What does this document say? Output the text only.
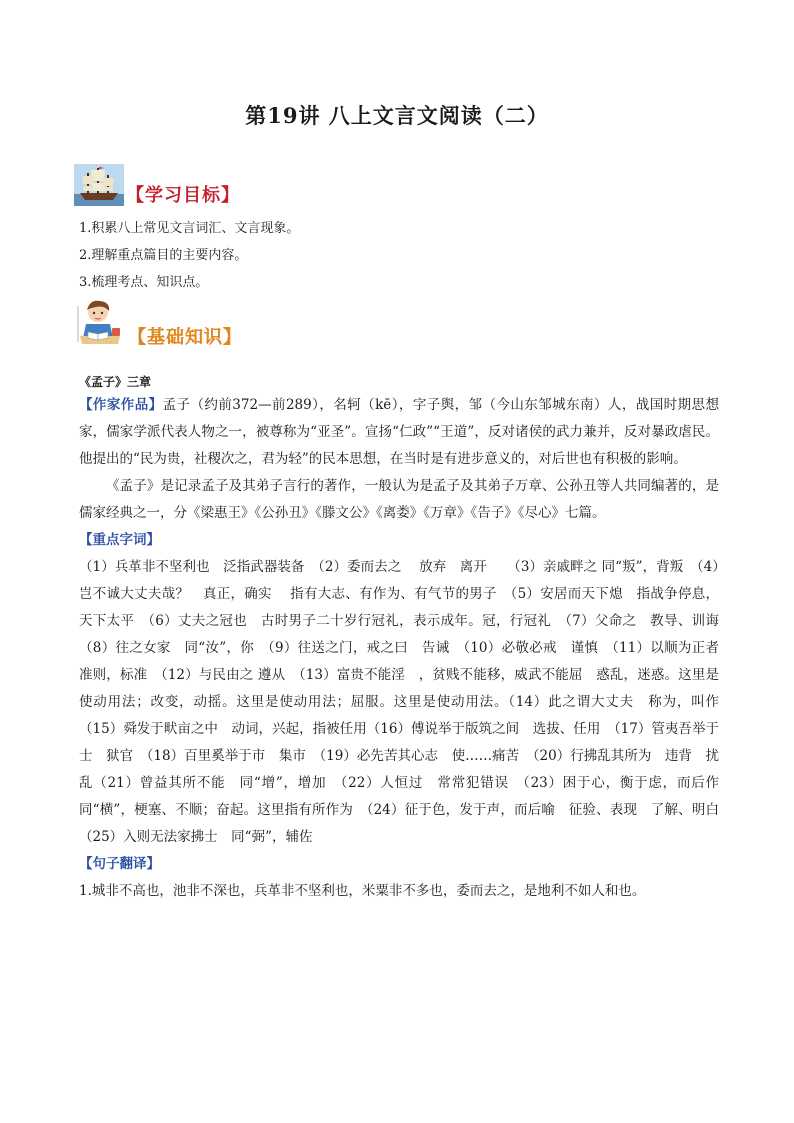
第19讲 八上文言文阅读（二）
【学习目标】
1.积累八上常见文言词汇、文言现象。
2.理解重点篇目的主要内容。
3.梳理考点、知识点。
【基础知识】
《孟子》三章

【作家作品】孟子（约前372—前289），名轲（kē），字子舆，邹（今山东邹城东南）人，战国时期思想家，儒家学派代表人物之一，被尊称为“亚圣”。宣扬“仁政”“王道”，反对诸侯的武力兼并，反对暴政虐民。他提出的“民为贵，社稷次之，君为轻”的民本思想，在当时是有进步意义的，对后世也有积极的影响。

《孟子》是记录孟子及其弟子言行的著作，一般认为是孟子及其弟子万章、公孙丑等人共同编著的，是儒家经典之一，分《梁惠王》《公孙丑》《滕文公》《离娄》《万章》《告子》《尽心》七篇。

【重点字词】

（1）兵革非不坚利也　泛指武器装备　（2）委而去之　 放弃　离开　　（3）亲戚畔之 同“叛”，背叛　（4）岂不诚大丈夫哉？　真正，确实　 指有大志、有作为、有气节的男子　（5）安居而天下熄　指战争停息，天下太平　（6）丈夫之冠也　古时男子二十岁行冠礼，表示成年。冠，行冠礼　（7）父命之　教导、训诲　（8）往之女家　同“汝”，你　（9）往送之门，戒之曰　告诫　（10）必敬必戒　谨慎　（11）以顺为正者　准则，标准　（12）与民由之 遵从　（13）富贵不能淫　，贫贱不能移，威武不能屈　惑乱，迷惑。这里是使动用法；改变，动摇。这里是使动用法；屈服。这里是使动用法。（14）此之谓大丈夫　称为，叫作　（15）舜发于畎亩之中　动词，兴起，指被任用（16）傅说举于版筑之间　选拔、任用　（17）管夷吾举于士　狱官　（18）百里奚举于市　集市　（19）必先苦其心志　使……痛苦　（20）行拂乱其所为　违背　扰乱（21）曾益其所不能　同“增”，增加　（22）人恒过　常常犯错误　（23）困于心，衡于虑，而后作　同“横”，梗塞、不顺；奋起。这里指有所作为　（24）征于色，发于声，而后喻　征验、表现　了解、明白　（25）入则无法家拂士　同“弼”，辅佐

【句子翻译】

1.城非不高也，池非不深也，兵革非不坚利也，米粟非不多也，委而去之，是地利不如人和也。
